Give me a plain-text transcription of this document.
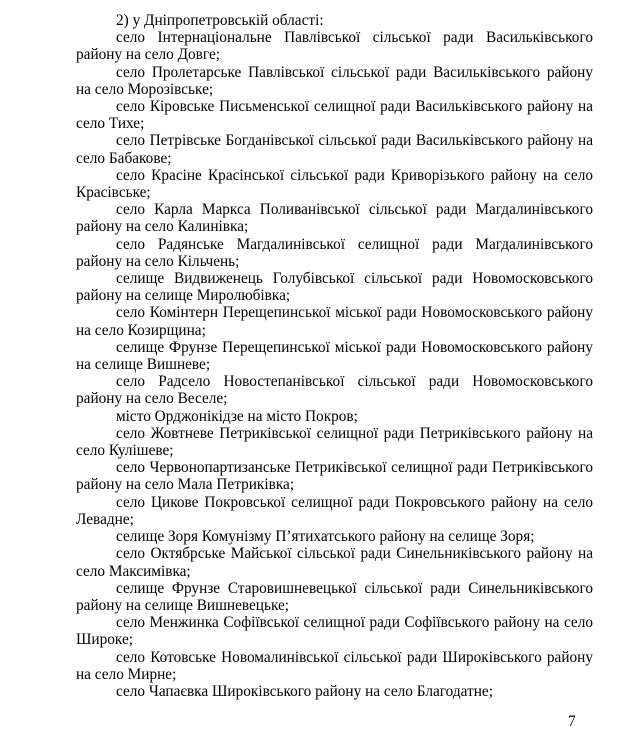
2) у Дніпропетровській області:

село Інтернаціональне Павлівської сільської ради Васильківського району на село Довге;
село Пролетарське Павлівської сільської ради Васильківського району на село Морозівське;
село Кіровське Письменської селищної ради Васильківського району на село Тихе;
село Петрівське Богданівської сільської ради Васильківського району на село Бабакове;
село Красіне Красінської сільської ради Криворізького району на село Красівське;
село Карла Маркса Поливанівської сільської ради Магдалинівського району на село Калинівка;
село Радянське Магдалинівської селищної ради Магдалинівського району на село Кільчень;
селище Видвиженець Голубівської сільської ради Новомосковського району на селище Миролюбівка;
село Комінтерн Перещепинської міської ради Новомосковського району на село Козирщина;
селище Фрунзе Перещепинської міської ради Новомосковського району на селище Вишневе;
село Радсело Новостепанівської сільської ради Новомосковського району на село Веселе;
місто Орджонікідзе на місто Покров;
село Жовтневе Петриківської селищної ради Петриківського району на село Кулішеве;
село Червонопартизанське Петриківської селищної ради Петриківського району на село Мала Петриківка;
село Цикове Покровської селищної ради Покровського району на село Левадне;
селище Зоря Комунізму П’ятихатського району на селище Зоря;
село Октябрське Майської сільської ради Синельниківського району на село Максимівка;
селище Фрунзе Старовишневецької сільської ради Синельниківського району на селище Вишневецьке;
село Менжинка Софіївської селищної ради Софіївського району на село Широке;
село Котовське Новомалинівської сільської ради Широківського району на село Мирне;
село Чапаєвка Широківського району на село Благодатне;
7
